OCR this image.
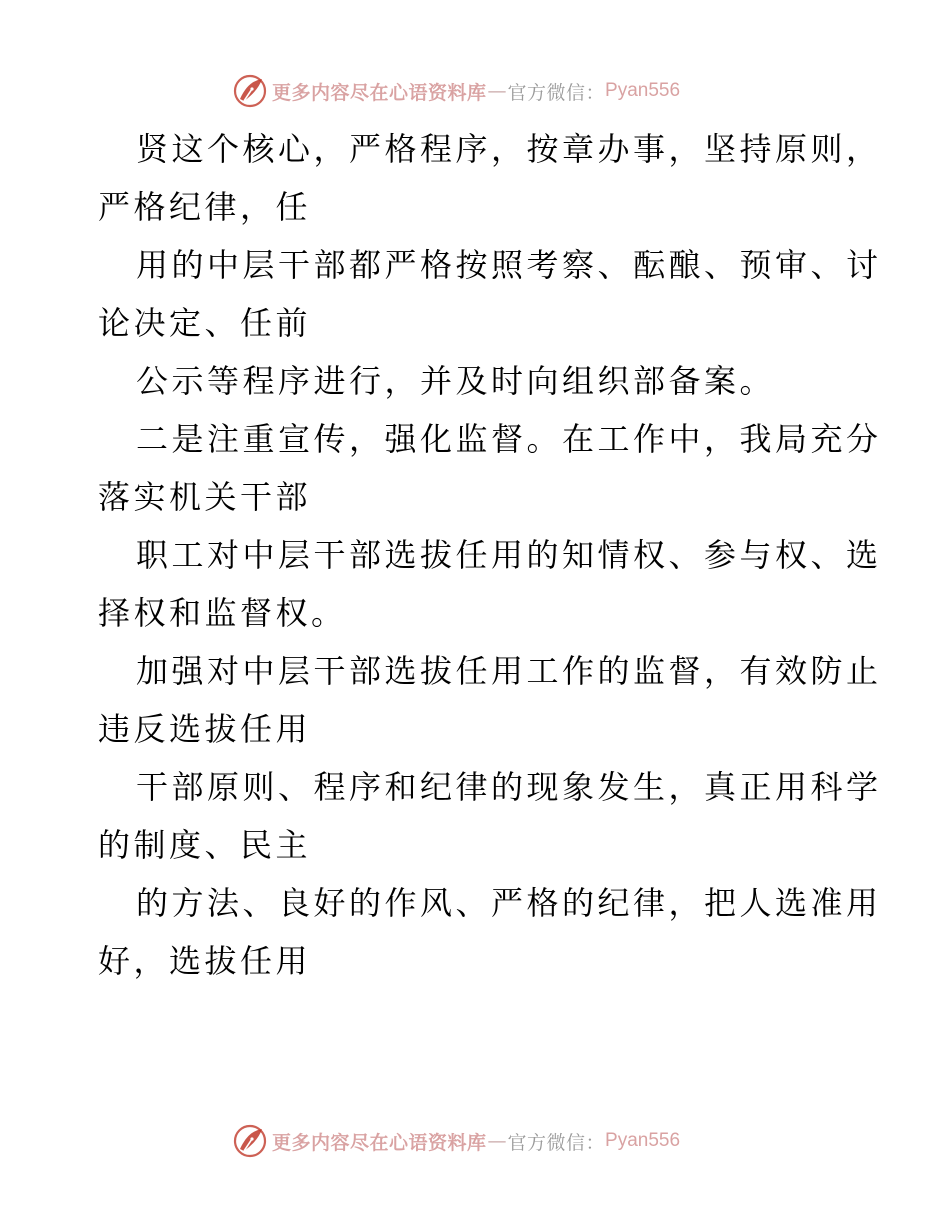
更多内容尽在心语资料库 — 官方微信： Pyan556
贤这个核心，严格程序，按章办事，坚持原则，
严格纪律，任
用的中层干部都严格按照考察、酝酿、预审、讨
论决定、任前
公示等程序进行，并及时向组织部备案。
二是注重宣传，强化监督。在工作中，我局充分
落实机关干部
职工对中层干部选拔任用的知情权、参与权、选
择权和监督权。
加强对中层干部选拔任用工作的监督，有效防止
违反选拔任用
干部原则、程序和纪律的现象发生，真正用科学
的制度、民主
的方法、良好的作风、严格的纪律，把人选准用
好，选拔任用
更多内容尽在心语资料库 — 官方微信： Pyan556
